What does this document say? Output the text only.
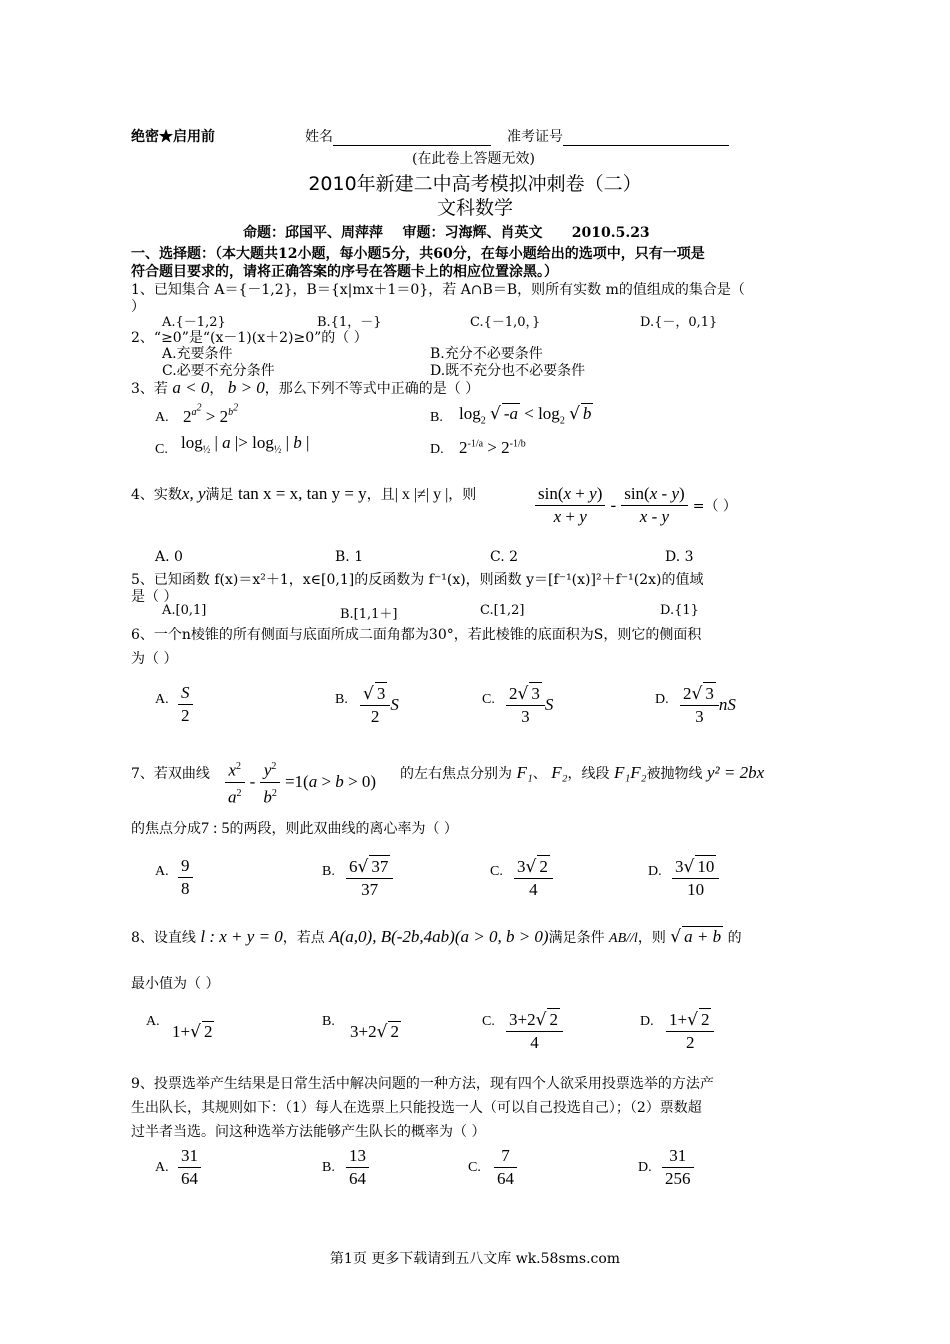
绝密★启用前	姓名	准考证号
(在此卷上答题无效)
2010年新建二中高考模拟冲刺卷（二）
文科数学
命题：邱国平、周萍萍    审题：习海辉、肖英文      2010.5.23
一、选择题：（本大题共12小题，每小题5分，共60分，在每小题给出的选项中，只有一项是
符合题目要求的，请将正确答案的序号在答题卡上的相应位置涂黑。）
1、已知集合 A＝{－1,2}，B＝{x|mx＋1＝0}，若 A∩B＝B，则所有实数 m的值组成的集合是（
）
A.{－1,2}	B.{1，－}	C.{－1,0，}	D.{－，0,1}
2、“≥0”是“(x－1)(x＋2)≥0”的（ ）
A.充要条件	B.充分不必要条件
C.必要不充分条件	D.既不充分也不必要条件
3、若 a < 0， b > 0，那么下列不等式中正确的是（ ）
A. $2^{a^2} > 2^{b^2}$
B. $\log_2$ √ $-a < \log_2$ √ b
C. $\log_{\frac{1}{2}}$ | a |> $\log_{\frac{1}{2}}$ | b |	D. $2^{-1/a} > 2^{-1/b}$
4、实数x, y满足 tan x = x, tan y = y，且| x |≠| y |，则	$\frac{\sin(x + y)}{x + y} - \frac{\sin(x - y)}{x - y}$ =（ ）
A. 0	B. 1	C. 2	D. 3
5、已知函数 f(x)＝x²＋1，x∈[0,1]的反函数为 f⁻¹(x)，则函数 y＝[f⁻¹(x)]²＋f⁻¹(2x)的值域
是（ ）
A.[0,1]	B.[1,1＋]	C.[1,2]	D.{1}
6、一个n棱锥的所有侧面与底面所成二面角都为30°，若此棱锥的底面积为S，则它的侧面积
为（ ）
A. $\frac{S}{2}$	B. $\frac{√ 3}{2}$ S	C. $\frac{2√ 3}{3}$ S	D. $\frac{2√ 3}{3}$ nS
7、若双曲线 $\frac{x^2}{a^2} - \frac{y^2}{b^2} =1(a > b > 0)$ 的左右焦点分别为 F₁、 F₂，线段 F₁F₂被抛物线 y² = 2bx
的焦点分成7 : 5的两段，则此双曲线的离心率为（ ）
A. $\frac{9}{8}$	B. $\frac{6√ 37}{37}$	C. $\frac{3√ 2}{4}$	D. $\frac{3√ 10}{10}$
8、设直线 l : x + y = 0，若点 A(a,0), B(-2b,4ab)(a > 0, b > 0)满足条件 AB//l，则 √ a + b 的
最小值为（ ）
A.
1+√ 2
B.
3+2√ 2
C. $\frac{3+2√ 2}{4}$	D. $\frac{1+√ 2}{2}$
9、投票选举产生结果是日常生活中解决问题的一种方法，现有四个人欲采用投票选举的方法产
生出队长，其规则如下：（1）每人在选票上只能投选一人（可以自己投选自己）；（2）票数超
过半者当选。问这种选举方法能够产生队长的概率为（ ）
A. $\frac{31}{64}$	B. $\frac{13}{64}$	C. $\frac{7}{64}$	D. $\frac{31}{256}$
第1页 更多下载请到五八文库 wk.58sms.com
